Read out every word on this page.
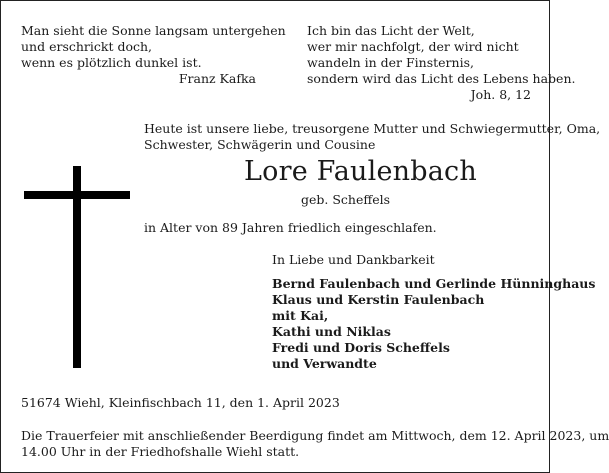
Man sieht die Sonne langsam untergehen
und erschrickt doch,
wenn es plötzlich dunkel ist.
Franz Kafka
Ich bin das Licht der Welt,
wer mir nachfolgt, der wird nicht
wandeln in der Finsternis,
sondern wird das Licht des Lebens haben.
Joh. 8, 12
Heute ist unsere liebe, treusorgene Mutter und Schwiegermutter, Oma,
Schwester, Schwägerin und Cousine
Lore Faulenbach
geb. Scheffels
in Alter von 89 Jahren friedlich eingeschlafen.
In Liebe und Dankbarkeit
Bernd Faulenbach und Gerlinde Hünninghaus
Klaus und Kerstin Faulenbach
mit Kai,
Kathi und Niklas
Fredi und Doris Scheffels
und Verwandte
51674 Wiehl, Kleinfischbach 11, den 1. April 2023
Die Trauerfeier mit anschließender Beerdigung findet am Mittwoch, dem 12. April 2023, um
14.00 Uhr in der Friedhofshalle Wiehl statt.
